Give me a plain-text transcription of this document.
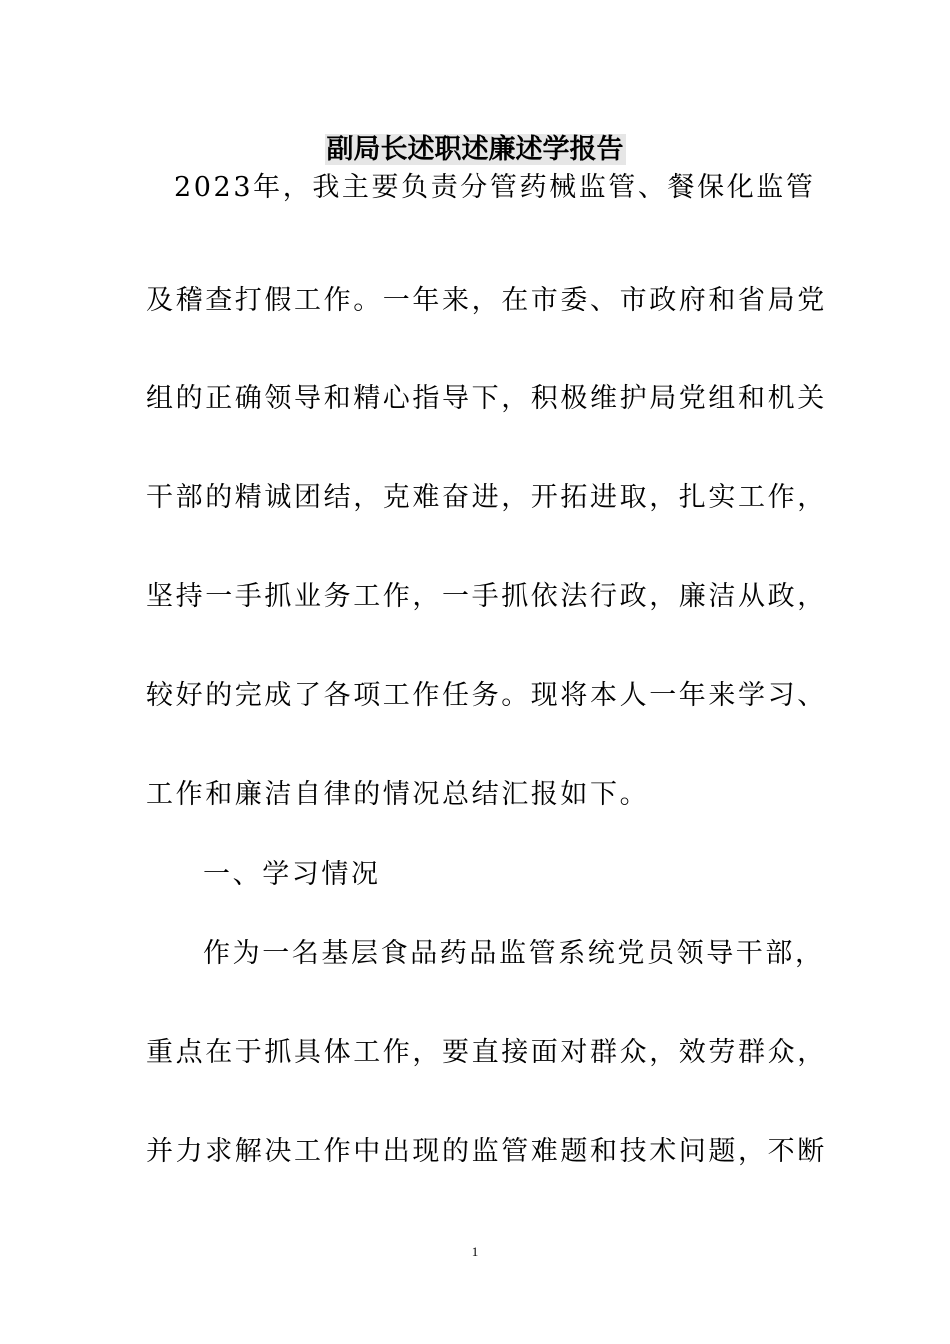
副局长述职述廉述学报告
2023年，我主要负责分管药械监管、餐保化监管
及稽查打假工作。一年来，在市委、市政府和省局党
组的正确领导和精心指导下，积极维护局党组和机关
干部的精诚团结，克难奋进，开拓进取，扎实工作，
坚持一手抓业务工作，一手抓依法行政，廉洁从政，
较好的完成了各项工作任务。现将本人一年来学习、
工作和廉洁自律的情况总结汇报如下。
一、学习情况
作为一名基层食品药品监管系统党员领导干部，
重点在于抓具体工作，要直接面对群众，效劳群众，
并力求解决工作中出现的监管难题和技术问题，不断
1
